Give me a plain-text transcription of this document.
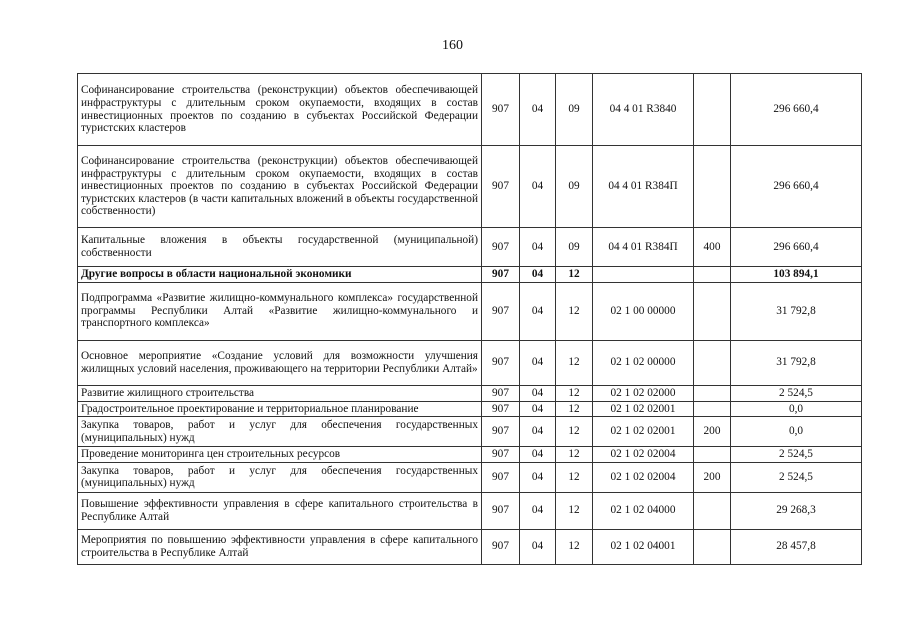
160
Софинансирование строительства (реконструкции) объектов обеспечивающей инфраструктуры с длительным сроком окупаемости, входящих в состав инвестиционных проектов по созданию в субъектах Российской Федерации туристских кластеров	907	04	09	04 4 01 R3840		296 660,4
Софинансирование строительства (реконструкции) объектов обеспечивающей инфраструктуры с длительным сроком окупаемости, входящих в состав инвестиционных проектов по созданию в субъектах Российской Федерации туристских кластеров (в части капитальных вложений в объекты государственной собственности)	907	04	09	04 4 01 R384П		296 660,4
Капитальные вложения в объекты государственной (муниципальной) собственности	907	04	09	04 4 01 R384П	400	296 660,4
Другие вопросы в области национальной экономики	907	04	12			103 894,1
Подпрограмма «Развитие жилищно-коммунального комплекса» государственной программы Республики Алтай «Развитие жилищно-коммунального и транспортного комплекса»	907	04	12	02 1 00 00000		31 792,8
Основное мероприятие «Создание условий для возможности улучшения жилищных условий населения, проживающего на территории Республики Алтай»	907	04	12	02 1 02 00000		31 792,8
Развитие жилищного строительства	907	04	12	02 1 02 02000		2 524,5
Градостроительное проектирование и территориальное планирование	907	04	12	02 1 02 02001		0,0
Закупка товаров, работ и услуг для обеспечения государственных (муниципальных) нужд	907	04	12	02 1 02 02001	200	0,0
Проведение мониторинга цен строительных ресурсов	907	04	12	02 1 02 02004		2 524,5
Закупка товаров, работ и услуг для обеспечения государственных (муниципальных) нужд	907	04	12	02 1 02 02004	200	2 524,5
Повышение эффективности управления в сфере капитального строительства в Республике Алтай	907	04	12	02 1 02 04000		29 268,3
Мероприятия по повышению эффективности управления в сфере капитального строительства в Республике Алтай	907	04	12	02 1 02 04001		28 457,8
